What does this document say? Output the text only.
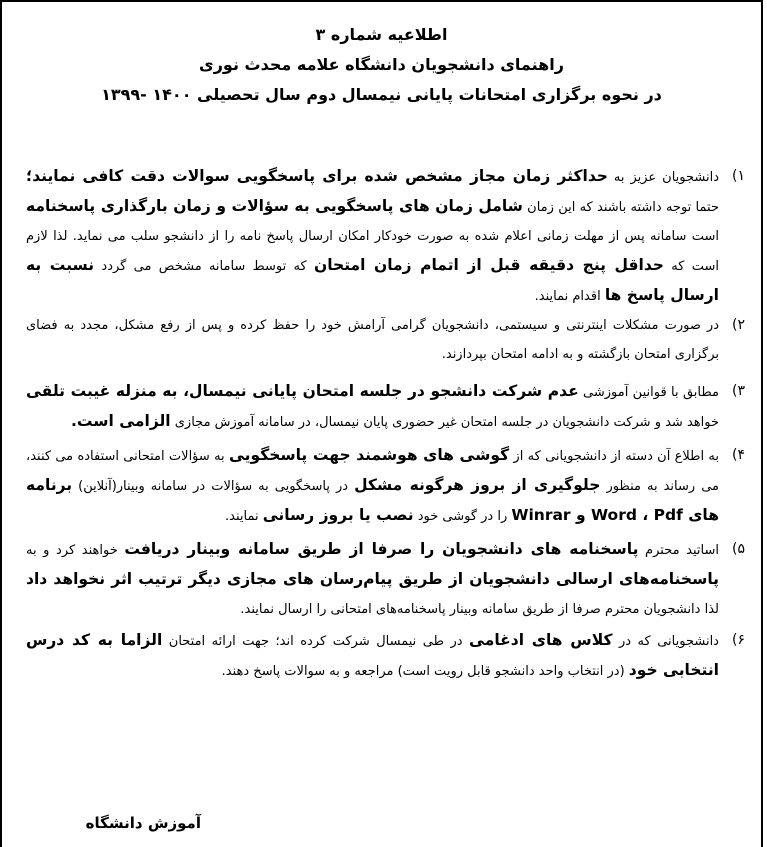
اطلاعیه شماره ۳
راهنمای دانشجویان دانشگاه علامه محدث نوری
در نحوه برگزاری امتحانات پایانی نیمسال دوم سال تحصیلی ۱۴۰۰ -۱۳۹۹
۱)
دانشجویان عزیز به حداکثر زمان مجاز مشخص شده برای پاسخگویی سوالات دقت کافی نمایند؛ حتما توجه داشته باشند که این زمان شامل زمان های پاسخگویی به سؤالات و زمان بارگذاری پاسخنامه است سامانه پس از مهلت زمانی اعلام شده به صورت خودکار امکان ارسال پاسخ نامه را از دانشجو سلب می نماید. لذا لازم است که حداقل پنج دقیقه قبل از اتمام زمان امتحان که توسط سامانه مشخص می گردد نسبت به ارسال پاسخ ها اقدام نمایند.
۲)
در صورت مشکلات اینترنتی و سیستمی، دانشجویان گرامی آرامش خود را حفظ کرده و پس از رفع مشکل، مجدد به فضای برگزاری امتحان بازگشته و به ادامه امتحان بپردازند.
۳)
مطابق با قوانین آموزشی عدم شرکت دانشجو در جلسه امتحان پایانی نیمسال، به منزله غیبت تلقی خواهد شد و شرکت دانشجویان در جلسه امتحان غیر حضوری پایان نیمسال، در سامانه آموزش مجازی الزامی است.
۴)
به اطلاع آن دسته از دانشجویانی که از گوشی های هوشمند جهت پاسخگویی به سؤالات امتحانی استفاده می کنند، می رساند به منظور جلوگیری از بروز هرگونه مشکل در پاسخگویی به سؤالات در سامانه وبینار(آنلاین) برنامه های Word ، Pdf و Winrar را در گوشی خود نصب یا بروز رسانی نمایند.
۵)
اساتید محترم پاسخنامه های دانشجویان را صرفا از طریق سامانه وبینار دریافت خواهند کرد و به پاسخنامه‌های ارسالی دانشجویان از طریق پیام‌رسان های مجازی دیگر ترتیب اثر نخواهد داد لذا دانشجویان محترم صرفا از طریق سامانه وبینار پاسخنامه‌های امتحانی را ارسال نمایند.
۶)
دانشجویانی که در کلاس های ادغامی در طی نیمسال شرکت کرده اند؛ جهت ارائه امتحان الزاما به کد درس انتخابی خود (در انتخاب واحد دانشجو قابل رویت است) مراجعه و به سوالات پاسخ دهند.
آموزش دانشگاه
